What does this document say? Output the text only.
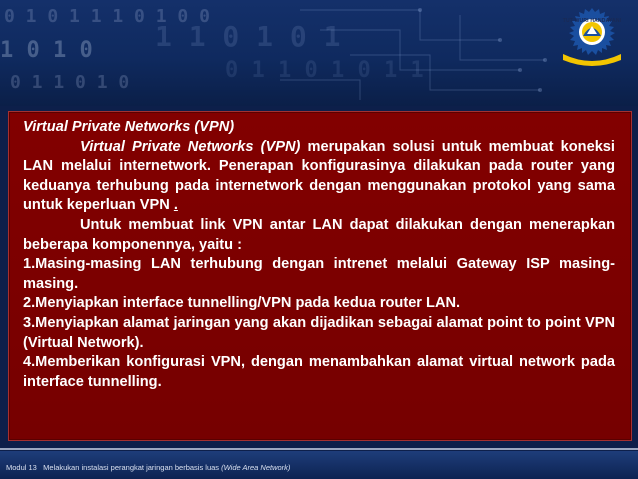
0 1 0 1 1 1 0 1 0 0
1 0 1 0
0 1 1 0 1 0
1 1 0 1 0 1
0 1 1 0 1 0 1 1
TUT WURI HANDAYANI

Virtual Private Networks (VPN)

Virtual Private Networks (VPN) merupakan solusi untuk membuat koneksi LAN melalui internetwork. Penerapan konfigurasinya dilakukan pada router yang keduanya terhubung pada internetwork dengan menggunakan protokol yang sama untuk keperluan VPN .

Untuk membuat link VPN antar LAN dapat dilakukan dengan menerapkan beberapa komponennya, yaitu :

1.Masing-masing LAN terhubung dengan intrenet melalui Gateway ISP masing-masing.

2.Menyiapkan interface tunnelling/VPN pada kedua router LAN.

3.Menyiapkan alamat jaringan yang akan dijadikan sebagai alamat point to point VPN (Virtual Network).

4.Memberikan konfigurasi VPN, dengan menambahkan alamat virtual network pada interface tunnelling.

Modul 13 Melakukan instalasi perangkat jaringan berbasis luas (Wide Area Network)
